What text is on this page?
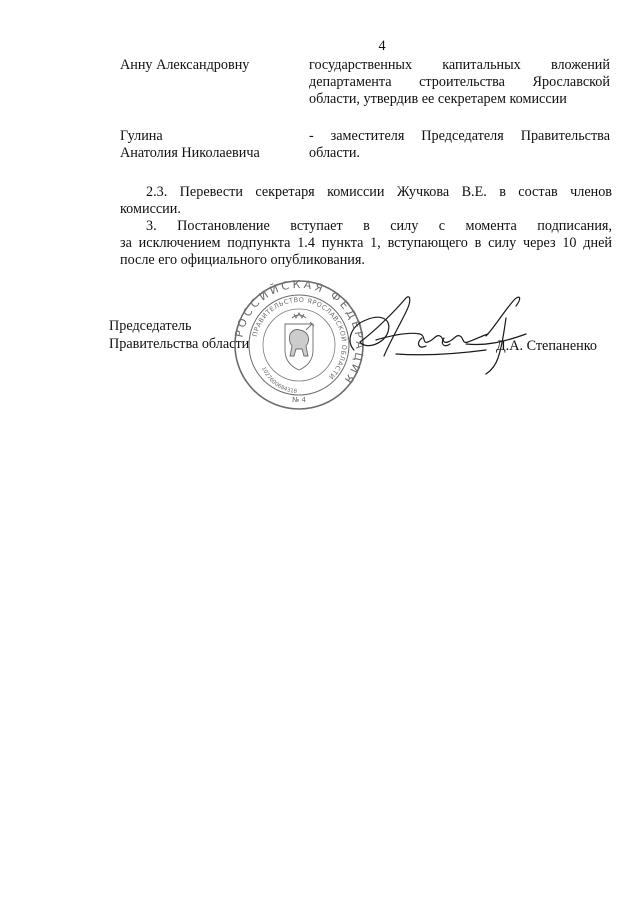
4
Анну Александровну	государственных капитальных вложений
департамента строительства Ярославской
области, утвердив ее секретарем комиссии
Гулина
Анатолия Николаевича
- заместителя Председателя Правительства
области.
2.3. Перевести секретаря комиссии Жучкова В.Е. в состав членов
комиссии.
3. Постановление вступает в силу с момента подписания,
за исключением подпункта 1.4 пункта 1, вступающего в силу через 10 дней
после его официального опубликования.
Председатель
Правительства области	Д.А. Степаненко
РОССИЙСКАЯ ФЕДЕРАЦИЯ
ПРАВИТЕЛЬСТВО ЯРОСЛАВСКОЙ ОБЛАСТИ
1027600684318
№ 4
